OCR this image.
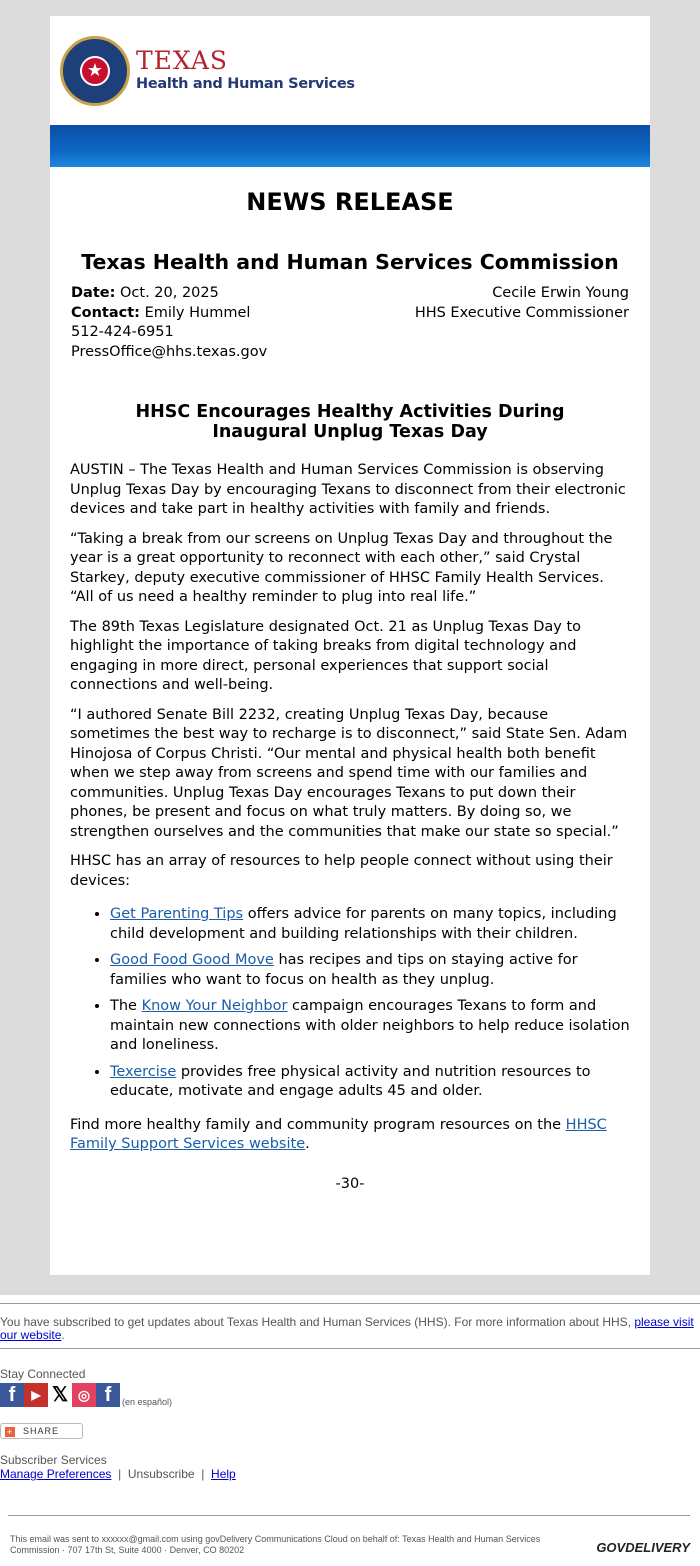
★ TEXAS
Health and Human Services
NEWS RELEASE
Texas Health and Human Services Commission
Date: Oct. 20, 2025
Contact: Emily Hummel
512-424-6951
PressOffice@hhs.texas.gov
Cecile Erwin Young
HHS Executive Commissioner
HHSC Encourages Healthy Activities During Inaugural Unplug Texas Day

AUSTIN – The Texas Health and Human Services Commission is observing Unplug Texas Day by encouraging Texans to disconnect from their electronic devices and take part in healthy activities with family and friends.

“Taking a break from our screens on Unplug Texas Day and throughout the year is a great opportunity to reconnect with each other,” said Crystal Starkey, deputy executive commissioner of HHSC Family Health Services. “All of us need a healthy reminder to plug into real life.”

The 89th Texas Legislature designated Oct. 21 as Unplug Texas Day to highlight the importance of taking breaks from digital technology and engaging in more direct, personal experiences that support social connections and well-being.

“I authored Senate Bill 2232, creating Unplug Texas Day, because sometimes the best way to recharge is to disconnect,” said State Sen. Adam Hinojosa of Corpus Christi. “Our mental and physical health both benefit when we step away from screens and spend time with our families and communities. Unplug Texas Day encourages Texans to put down their phones, be present and focus on what truly matters. By doing so, we strengthen ourselves and the communities that make our state so special.”

HHSC has an array of resources to help people connect without using their devices:

• Get Parenting Tips offers advice for parents on many topics, including child development and building relationships with their children.
• Good Food Good Move has recipes and tips on staying active for families who want to focus on health as they unplug.
• The Know Your Neighbor campaign encourages Texans to form and maintain new connections with older neighbors to help reduce isolation and loneliness.
• Texercise provides free physical activity and nutrition resources to educate, motivate and engage adults 45 and older.

Find more healthy family and community program resources on the HHSC Family Support Services website.

-30-
You have subscribed to get updates about Texas Health and Human Services (HHS). For more information about HHS, please visit our website.
Stay Connected
f	▶ 𝕏 ◎ f	(en español)
+ SHARE
Subscriber Services
Manage Preferences | Unsubscribe | Help
This email was sent to xxxxxx@gmail.com using govDelivery Communications Cloud on behalf of: Texas Health and Human Services Commission · 707 17th St, Suite 4000 · Denver, CO 80202	GOVDELIVERY
